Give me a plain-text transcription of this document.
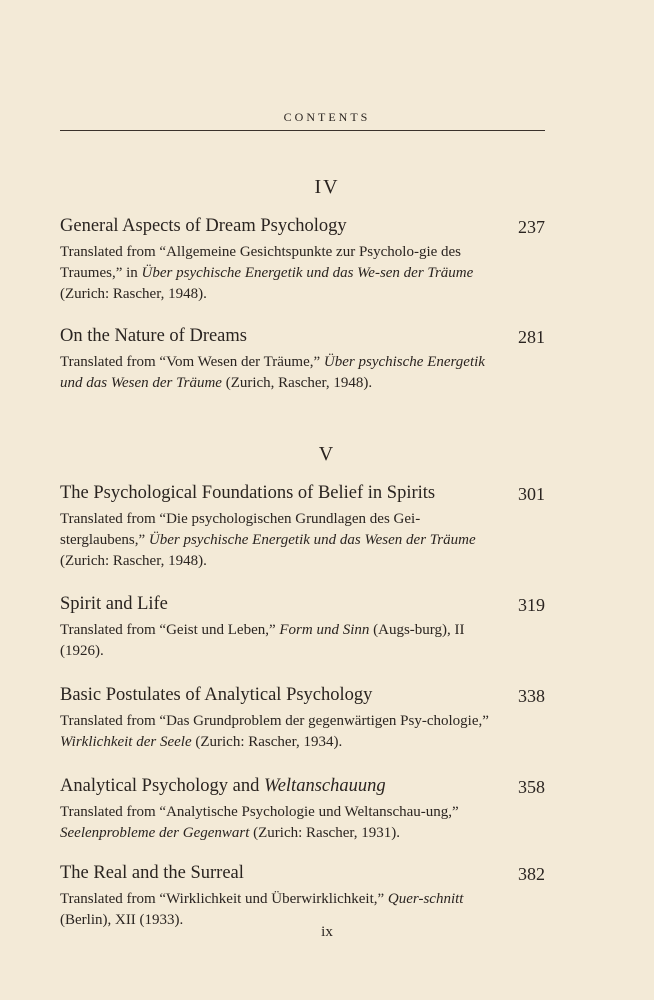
CONTENTS
IV
General Aspects of Dream Psychology	237
Translated from “Allgemeine Gesichtspunkte zur Psycholo-gie des Traumes,” in Über psychische Energetik und das We-sen der Träume (Zurich: Rascher, 1948).
On the Nature of Dreams	281
Translated from “Vom Wesen der Träume,” Über psychische Energetik und das Wesen der Träume (Zurich, Rascher, 1948).
V
The Psychological Foundations of Belief in Spirits	301
Translated from “Die psychologischen Grundlagen des Gei-sterglaubens,” Über psychische Energetik und das Wesen der Träume (Zurich: Rascher, 1948).
Spirit and Life	319
Translated from “Geist und Leben,” Form und Sinn (Augs-burg), II (1926).
Basic Postulates of Analytical Psychology	338
Translated from “Das Grundproblem der gegenwärtigen Psy-chologie,” Wirklichkeit der Seele (Zurich: Rascher, 1934).
Analytical Psychology and Weltanschauung	358
Translated from “Analytische Psychologie und Weltanschau-ung,” Seelenprobleme der Gegenwart (Zurich: Rascher, 1931).
The Real and the Surreal	382
Translated from “Wirklichkeit und Überwirklichkeit,” Quer-schnitt (Berlin), XII (1933).
ix
